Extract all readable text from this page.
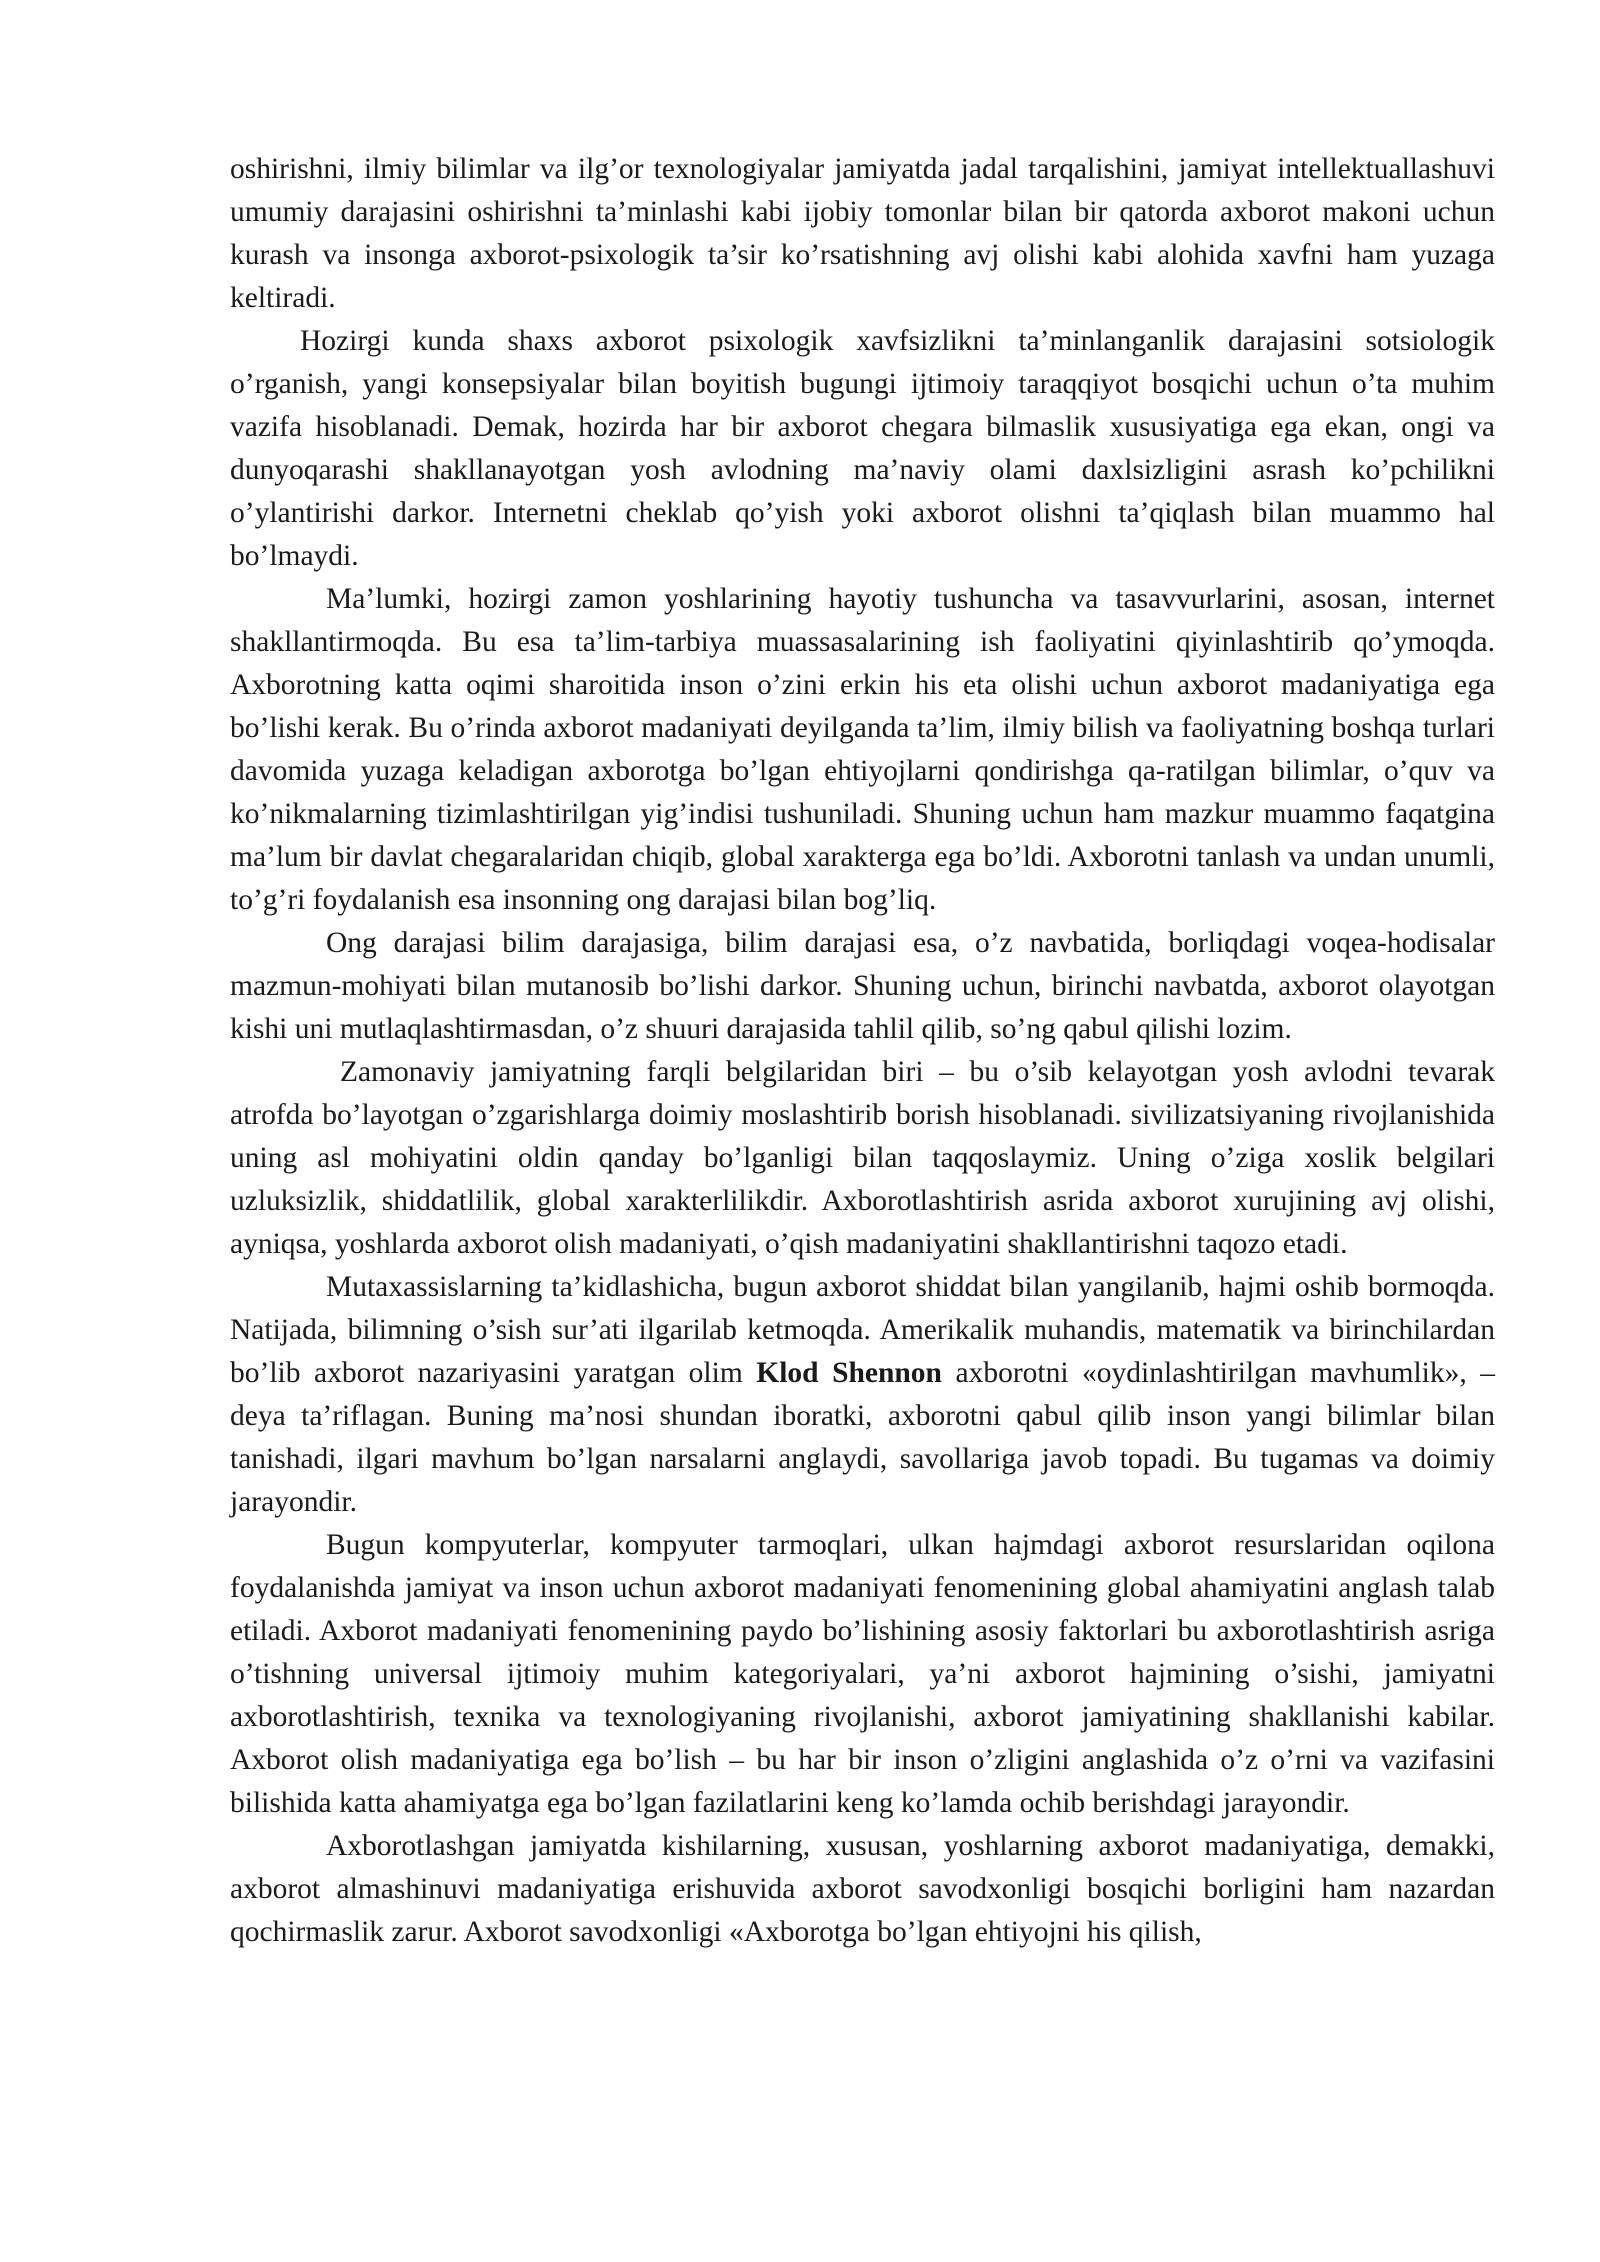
oshirishni, ilmiy bilimlar va ilg’or texnologiyalar jamiyatda jadal tarqalishini, jamiyat intellektuallashuvi umumiy darajasini oshirishni ta’minlashi kabi ijobiy tomonlar bilan bir qatorda axborot makoni uchun kurash va insonga axborot-psixologik ta’sir ko’rsatishning avj olishi kabi alohida xavfni ham yuzaga keltiradi.

Hozirgi kunda shaxs axborot psixologik xavfsizlikni ta’minlanganlik darajasini sotsiologik o’rganish, yangi konsepsiyalar bilan boyitish bugungi ijtimoiy taraqqiyot bosqichi uchun o’ta muhim vazifa hisoblanadi. Demak, hozirda har bir axborot chegara bilmaslik xususiyatiga ega ekan, ongi va dunyoqarashi shakllanayotgan yosh avlodning ma’naviy olami daxlsizligini asrash ko’pchilikni o’ylantirishi darkor. Internetni cheklab qo’yish yoki axborot olishni ta’qiqlash bilan muammo hal bo’lmaydi.

Ma’lumki, hozirgi zamon yoshlarining hayotiy tushuncha va tasavvurlarini, asosan, internet shakllantirmoqda. Bu esa ta’lim-tarbiya muassasalarining ish faoliyatini qiyinlashtirib qo’ymoqda. Axborotning katta oqimi sharoitida inson o’zini erkin his eta olishi uchun axborot madaniyatiga ega bo’lishi kerak. Bu o’rinda axborot madaniyati deyilganda ta’lim, ilmiy bilish va faoliyatning boshqa turlari davomida yuzaga keladigan axborotga bo’lgan ehtiyojlarni qondirishga qa-ratilgan bilimlar, o’quv va ko’nikmalarning tizimlashtirilgan yig’indisi tushuniladi. Shuning uchun ham mazkur muammo faqatgina ma’lum bir davlat chegaralaridan chiqib, global xarakterga ega bo’ldi. Axborotni tanlash va undan unumli, to’g’ri foydalanish esa insonning ong darajasi bilan bog’liq.

Ong darajasi bilim darajasiga, bilim darajasi esa, o’z navbatida, borliqdagi voqea-hodisalar mazmun-mohiyati bilan mutanosib bo’lishi darkor. Shuning uchun, birinchi navbatda, axborot olayotgan kishi uni mutlaqlashtirmasdan, o’z shuuri darajasida tahlil qilib, so’ng qabul qilishi lozim.

Zamonaviy jamiyatning farqli belgilaridan biri – bu o’sib kelayotgan yosh avlodni tevarak atrofda bo’layotgan o’zgarishlarga doimiy moslashtirib borish hisoblanadi. sivilizatsiyaning rivojlanishida uning asl mohiyatini oldin qanday bo’lganligi bilan taqqoslaymiz. Uning o’ziga xoslik belgilari uzluksizlik, shiddatlilik, global xarakterlilikdir. Axborotlashtirish asrida axborot xurujining avj olishi, ayniqsa, yoshlarda axborot olish madaniyati, o’qish madaniyatini shakllantirishni taqozo etadi.

Mutaxassislarning ta’kidlashicha, bugun axborot shiddat bilan yangilanib, hajmi oshib bormoqda. Natijada, bilimning o’sish sur’ati ilgarilab ketmoqda. Amerikalik muhandis, matematik va birinchilardan bo’lib axborot nazariyasini yaratgan olim Klod Shennon axborotni «oydinlashtirilgan mavhumlik», – deya ta’riflagan. Buning ma’nosi shundan iboratki, axborotni qabul qilib inson yangi bilimlar bilan tanishadi, ilgari mavhum bo’lgan narsalarni anglaydi, savollariga javob topadi. Bu tugamas va doimiy jarayondir.

Bugun kompyuterlar, kompyuter tarmoqlari, ulkan hajmdagi axborot resurslaridan oqilona foydalanishda jamiyat va inson uchun axborot madaniyati fenomenining global ahamiyatini anglash talab etiladi. Axborot madaniyati fenomenining paydo bo’lishining asosiy faktorlari bu axborotlashtirish asriga o’tishning universal ijtimoiy muhim kategoriyalari, ya’ni axborot hajmining o’sishi, jamiyatni axborotlashtirish, texnika va texnologiyaning rivojlanishi, axborot jamiyatining shakllanishi kabilar. Axborot olish madaniyatiga ega bo’lish – bu har bir inson o’zligini anglashida o’z o’rni va vazifasini bilishida katta ahamiyatga ega bo’lgan fazilatlarini keng ko’lamda ochib berishdagi jarayondir.

Axborotlashgan jamiyatda kishilarning, xususan, yoshlarning axborot madaniyatiga, demakki, axborot almashinuvi madaniyatiga erishuvida axborot savodxonligi bosqichi borligini ham nazardan qochirmaslik zarur. Axborot savodxonligi «Axborotga bo’lgan ehtiyojni his qilish,
